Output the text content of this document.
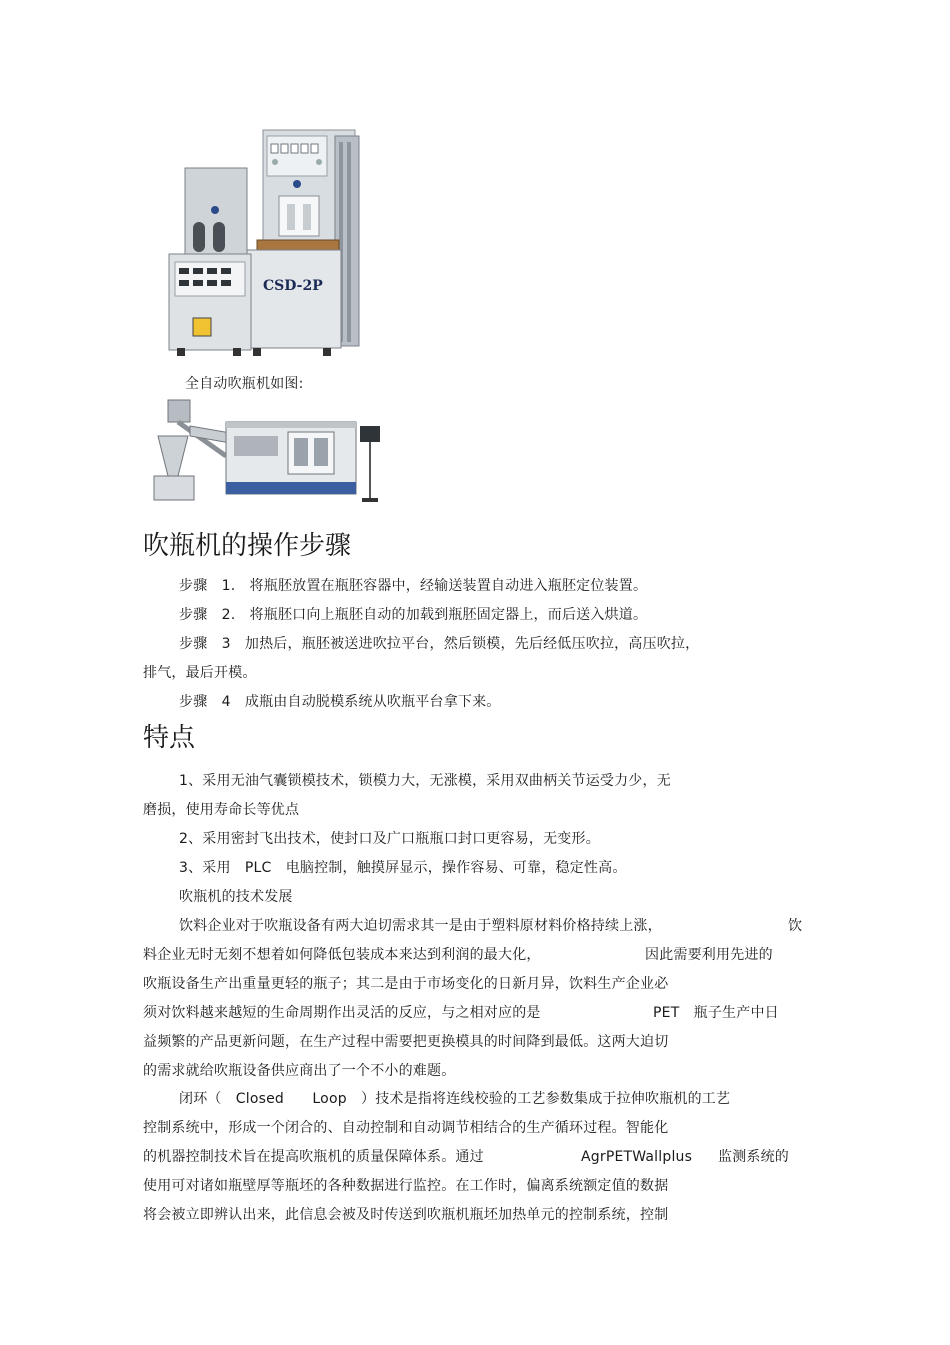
CSD-2P
全自动吹瓶机如图:
吹瓶机的操作步骤
步骤　1.　将瓶胚放置在瓶胚容器中，经输送装置自动进入瓶胚定位装置。
步骤　2.　将瓶胚口向上瓶胚自动的加载到瓶胚固定器上，而后送入烘道。
步骤　3　加热后，瓶胚被送进吹拉平台，然后锁模，先后经低压吹拉，高压吹拉，
排气，最后开模。
步骤　4　成瓶由自动脱模系统从吹瓶平台拿下来。
特点
1、采用无油气囊锁模技术，锁模力大，无涨模，采用双曲柄关节运受力少，无
磨损，使用寿命长等优点
2、采用密封飞出技术，使封口及广口瓶瓶口封口更容易，无变形。
3、采用　PLC　电脑控制，触摸屏显示，操作容易、可靠，稳定性高。
吹瓶机的技术发展
饮料企业对于吹瓶设备有两大迫切需求其一是由于塑料原材料价格持续上涨，	饮
料企业无时无刻不想着如何降低包装成本来达到利润的最大化，	因此需要利用先进的
吹瓶设备生产出重量更轻的瓶子；其二是由于市场变化的日新月异，饮料生产企业必
须对饮料越来越短的生命周期作出灵活的反应，与之相对应的是	PET　瓶子生产中日
益频繁的产品更新问题，在生产过程中需要把更换模具的时间降到最低。这两大迫切
的需求就给吹瓶设备供应商出了一个不小的难题。
闭环（　Closed　　Loop　）技术是指将连线校验的工艺参数集成于拉伸吹瓶机的工艺
控制系统中，形成一个闭合的、自动控制和自动调节相结合的生产循环过程。智能化
的机器控制技术旨在提高吹瓶机的质量保障体系。通过	AgrPETWallplus 监测系统的
使用可对诸如瓶壁厚等瓶坯的各种数据进行监控。在工作时，偏离系统额定值的数据
将会被立即辨认出来，此信息会被及时传送到吹瓶机瓶坯加热单元的控制系统，控制
